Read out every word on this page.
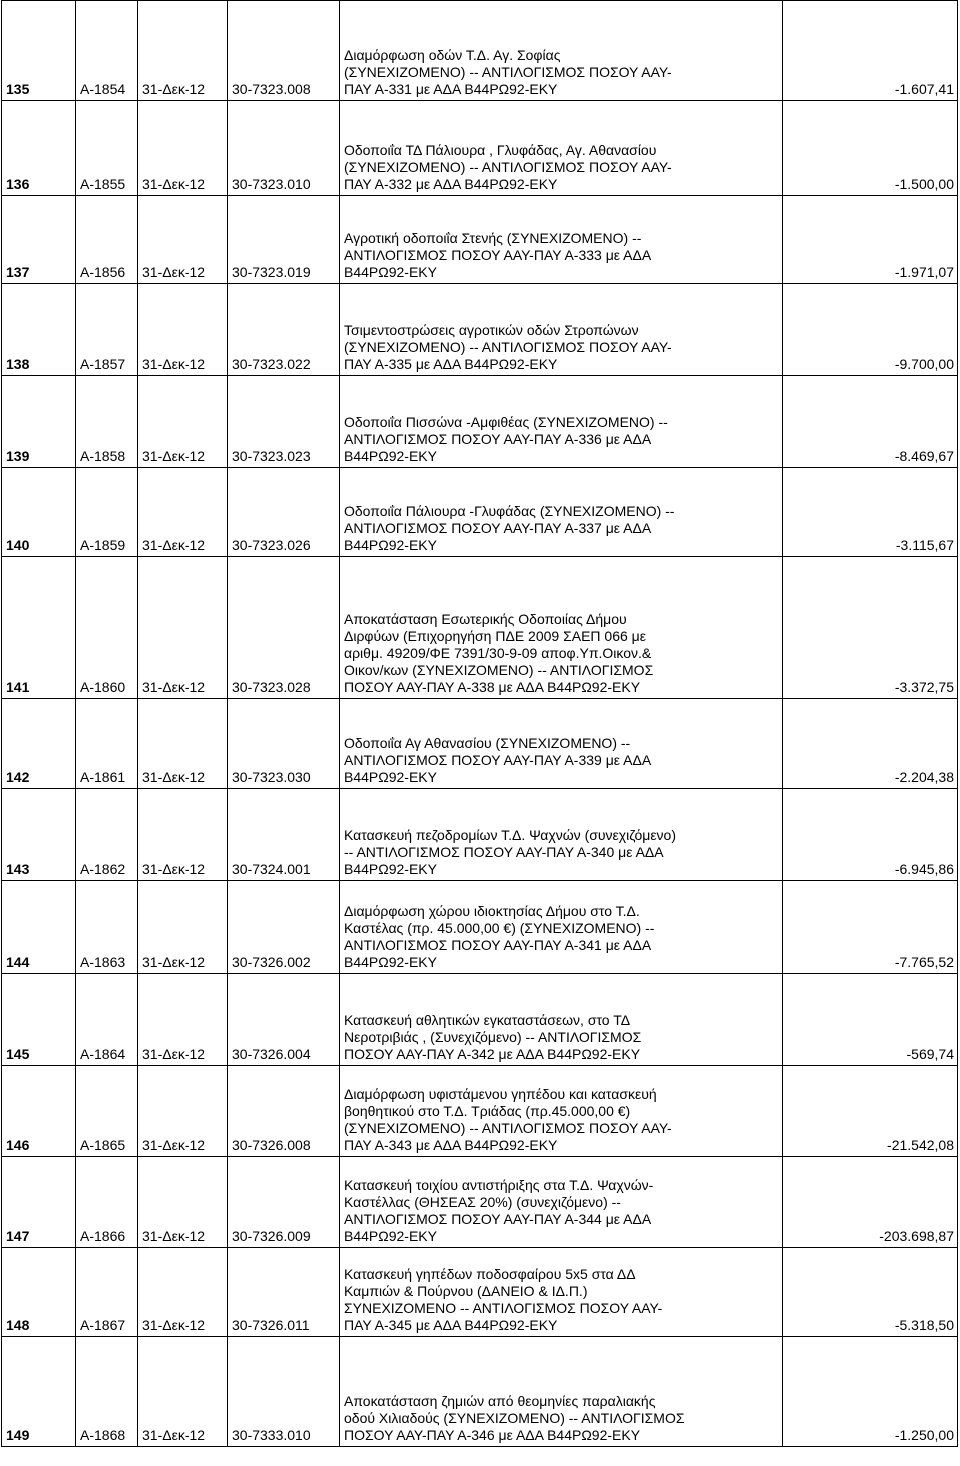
135	Α-1854	31-Δεκ-12	30-7323.008	Διαμόρφωση οδών Τ.Δ. Αγ. Σοφίας
(ΣΥΝΕΧΙΖΟΜΕΝΟ) -- ΑΝΤΙΛΟΓΙΣΜΟΣ ΠΟΣΟΥ ΑΑΥ-
ΠΑΥ Α-331 με ΑΔΑ Β44ΡΩ92-ΕΚΥ	-1.607,41
136	Α-1855	31-Δεκ-12	30-7323.010	Οδοποιΐα ΤΔ Πάλιουρα , Γλυφάδας, Αγ. Αθανασίου
(ΣΥΝΕΧΙΖΟΜΕΝΟ) -- ΑΝΤΙΛΟΓΙΣΜΟΣ ΠΟΣΟΥ ΑΑΥ-
ΠΑΥ Α-332 με ΑΔΑ Β44ΡΩ92-ΕΚΥ	-1.500,00
137	Α-1856	31-Δεκ-12	30-7323.019	Αγροτική οδοποιΐα Στενής (ΣΥΝΕΧΙΖΟΜΕΝΟ) --
ΑΝΤΙΛΟΓΙΣΜΟΣ ΠΟΣΟΥ ΑΑΥ-ΠΑΥ Α-333 με ΑΔΑ
Β44ΡΩ92-ΕΚΥ	-1.971,07
138	Α-1857	31-Δεκ-12	30-7323.022	Τσιμεντοστρώσεις αγροτικών οδών Στροπώνων
(ΣΥΝΕΧΙΖΟΜΕΝΟ) -- ΑΝΤΙΛΟΓΙΣΜΟΣ ΠΟΣΟΥ ΑΑΥ-
ΠΑΥ Α-335 με ΑΔΑ Β44ΡΩ92-ΕΚΥ	-9.700,00
139	Α-1858	31-Δεκ-12	30-7323.023	Οδοποιΐα Πισσώνα -Αμφιθέας (ΣΥΝΕΧΙΖΟΜΕΝΟ) --
ΑΝΤΙΛΟΓΙΣΜΟΣ ΠΟΣΟΥ ΑΑΥ-ΠΑΥ Α-336 με ΑΔΑ
Β44ΡΩ92-ΕΚΥ	-8.469,67
140	Α-1859	31-Δεκ-12	30-7323.026	Οδοποιΐα Πάλιουρα -Γλυφάδας (ΣΥΝΕΧΙΖΟΜΕΝΟ) --
ΑΝΤΙΛΟΓΙΣΜΟΣ ΠΟΣΟΥ ΑΑΥ-ΠΑΥ Α-337 με ΑΔΑ
Β44ΡΩ92-ΕΚΥ	-3.115,67
141	Α-1860	31-Δεκ-12	30-7323.028	Αποκατάσταση Εσωτερικής Οδοποιίας Δήμου
Διρφύων (Επιχορηγήση ΠΔΕ 2009 ΣΑΕΠ 066 με
αριθμ. 49209/ΦΕ 7391/30-9-09 αποφ.Υπ.Οικον.&
Οικον/κων (ΣΥΝΕΧΙΖΟΜΕΝΟ) -- ΑΝΤΙΛΟΓΙΣΜΟΣ
ΠΟΣΟΥ ΑΑΥ-ΠΑΥ Α-338 με ΑΔΑ Β44ΡΩ92-ΕΚΥ	-3.372,75
142	Α-1861	31-Δεκ-12	30-7323.030	Οδοποιΐα Αγ Αθανασίου (ΣΥΝΕΧΙΖΟΜΕΝΟ) --
ΑΝΤΙΛΟΓΙΣΜΟΣ ΠΟΣΟΥ ΑΑΥ-ΠΑΥ Α-339 με ΑΔΑ
Β44ΡΩ92-ΕΚΥ	-2.204,38
143	Α-1862	31-Δεκ-12	30-7324.001	Κατασκευή πεζοδρομίων Τ.Δ. Ψαχνών (συνεχιζόμενο)
-- ΑΝΤΙΛΟΓΙΣΜΟΣ ΠΟΣΟΥ ΑΑΥ-ΠΑΥ Α-340 με ΑΔΑ
Β44ΡΩ92-ΕΚΥ	-6.945,86
144	Α-1863	31-Δεκ-12	30-7326.002	Διαμόρφωση χώρου ιδιοκτησίας Δήμου στο Τ.Δ.
Καστέλας (πρ. 45.000,00 €) (ΣΥΝΕΧΙΖΟΜΕΝΟ) --
ΑΝΤΙΛΟΓΙΣΜΟΣ ΠΟΣΟΥ ΑΑΥ-ΠΑΥ Α-341 με ΑΔΑ
Β44ΡΩ92-ΕΚΥ	-7.765,52
145	Α-1864	31-Δεκ-12	30-7326.004	Κατασκευή αθλητικών εγκαταστάσεων, στο ΤΔ
Νεροτριβιάς , (Συνεχιζόμενο) -- ΑΝΤΙΛΟΓΙΣΜΟΣ
ΠΟΣΟΥ ΑΑΥ-ΠΑΥ Α-342 με ΑΔΑ Β44ΡΩ92-ΕΚΥ	-569,74
146	Α-1865	31-Δεκ-12	30-7326.008	Διαμόρφωση υφιστάμενου γηπέδου και κατασκευή
βοηθητικού στο Τ.Δ. Τριάδας (πρ.45.000,00 €)
(ΣΥΝΕΧΙΖΟΜΕΝΟ) -- ΑΝΤΙΛΟΓΙΣΜΟΣ ΠΟΣΟΥ ΑΑΥ-
ΠΑΥ Α-343 με ΑΔΑ Β44ΡΩ92-ΕΚΥ	-21.542,08
147	Α-1866	31-Δεκ-12	30-7326.009	Κατασκευή τοιχίου αντιστήριξης στα Τ.Δ. Ψαχνών-
Καστέλλας (ΘΗΣΕΑΣ 20%) (συνεχιζόμενο) --
ΑΝΤΙΛΟΓΙΣΜΟΣ ΠΟΣΟΥ ΑΑΥ-ΠΑΥ Α-344 με ΑΔΑ
Β44ΡΩ92-ΕΚΥ	-203.698,87
148	Α-1867	31-Δεκ-12	30-7326.011	Κατασκευή γηπέδων ποδοσφαίρου 5x5 στα ΔΔ
Καμπιών & Πούρνου (ΔΑΝΕΙΟ & ΙΔ.Π.)
ΣΥΝΕΧΙΖΟΜΕΝΟ -- ΑΝΤΙΛΟΓΙΣΜΟΣ ΠΟΣΟΥ ΑΑΥ-
ΠΑΥ Α-345 με ΑΔΑ Β44ΡΩ92-ΕΚΥ	-5.318,50
149	Α-1868	31-Δεκ-12	30-7333.010	Αποκατάσταση ζημιών από θεομηνίες παραλιακής
οδού Χιλιαδούς (ΣΥΝΕΧΙΖΟΜΕΝΟ) -- ΑΝΤΙΛΟΓΙΣΜΟΣ
ΠΟΣΟΥ ΑΑΥ-ΠΑΥ Α-346 με ΑΔΑ Β44ΡΩ92-ΕΚΥ	-1.250,00
